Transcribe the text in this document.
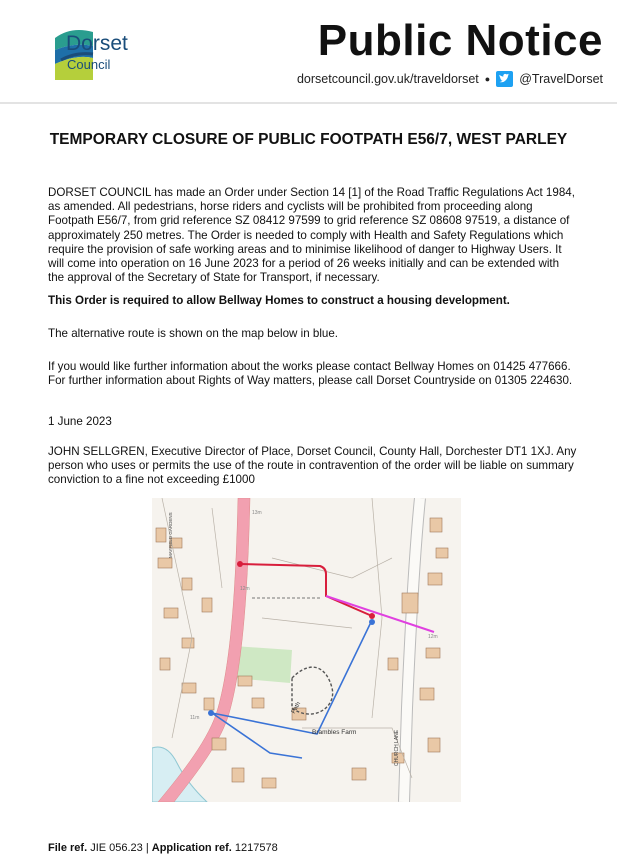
Dorset
Council	Public Notice
dorsetcouncil.gov.uk/traveldorset ● @TravelDorset
TEMPORARY CLOSURE OF PUBLIC FOOTPATH E56/7, WEST PARLEY
DORSET COUNCIL has made an Order under Section 14 [1] of the Road Traffic Regulations Act 1984, as amended. All pedestrians, horse riders and cyclists will be prohibited from proceeding along Footpath E56/7, from grid reference SZ 08412 97599 to grid reference SZ 08608 97519, a distance of approximately 250 metres. The Order is needed to comply with Health and Safety Regulations which require the provision of safe working areas and to minimise likelihood of danger to Highway Users. It will come into operation on 16 June 2023 for a period of 26 weeks initially and can be extended with the approval of the Secretary of State for Transport, if necessary.
This Order is required to allow Bellway Homes to construct a housing development.
The alternative route is shown on the map below in blue.
If you would like further information about the works please contact Bellway Homes on 01425 477666. For further information about Rights of Way matters, please call Dorset Countryside on 01305 224630.
1 June 2023
JOHN SELLGREN, Executive Director of Place, Dorset Council, County Hall, Dorchester DT1 1XJ. Any person who uses or permits the use of the route in contravention of the order will be liable on summary conviction to a fine not exceeding £1000
Brambles Farm
Path
CHURCH LANE
MAYFIELD GARDENS	13m
12m
11m
12m
File ref. JIE 056.23 | Application ref. 1217578
